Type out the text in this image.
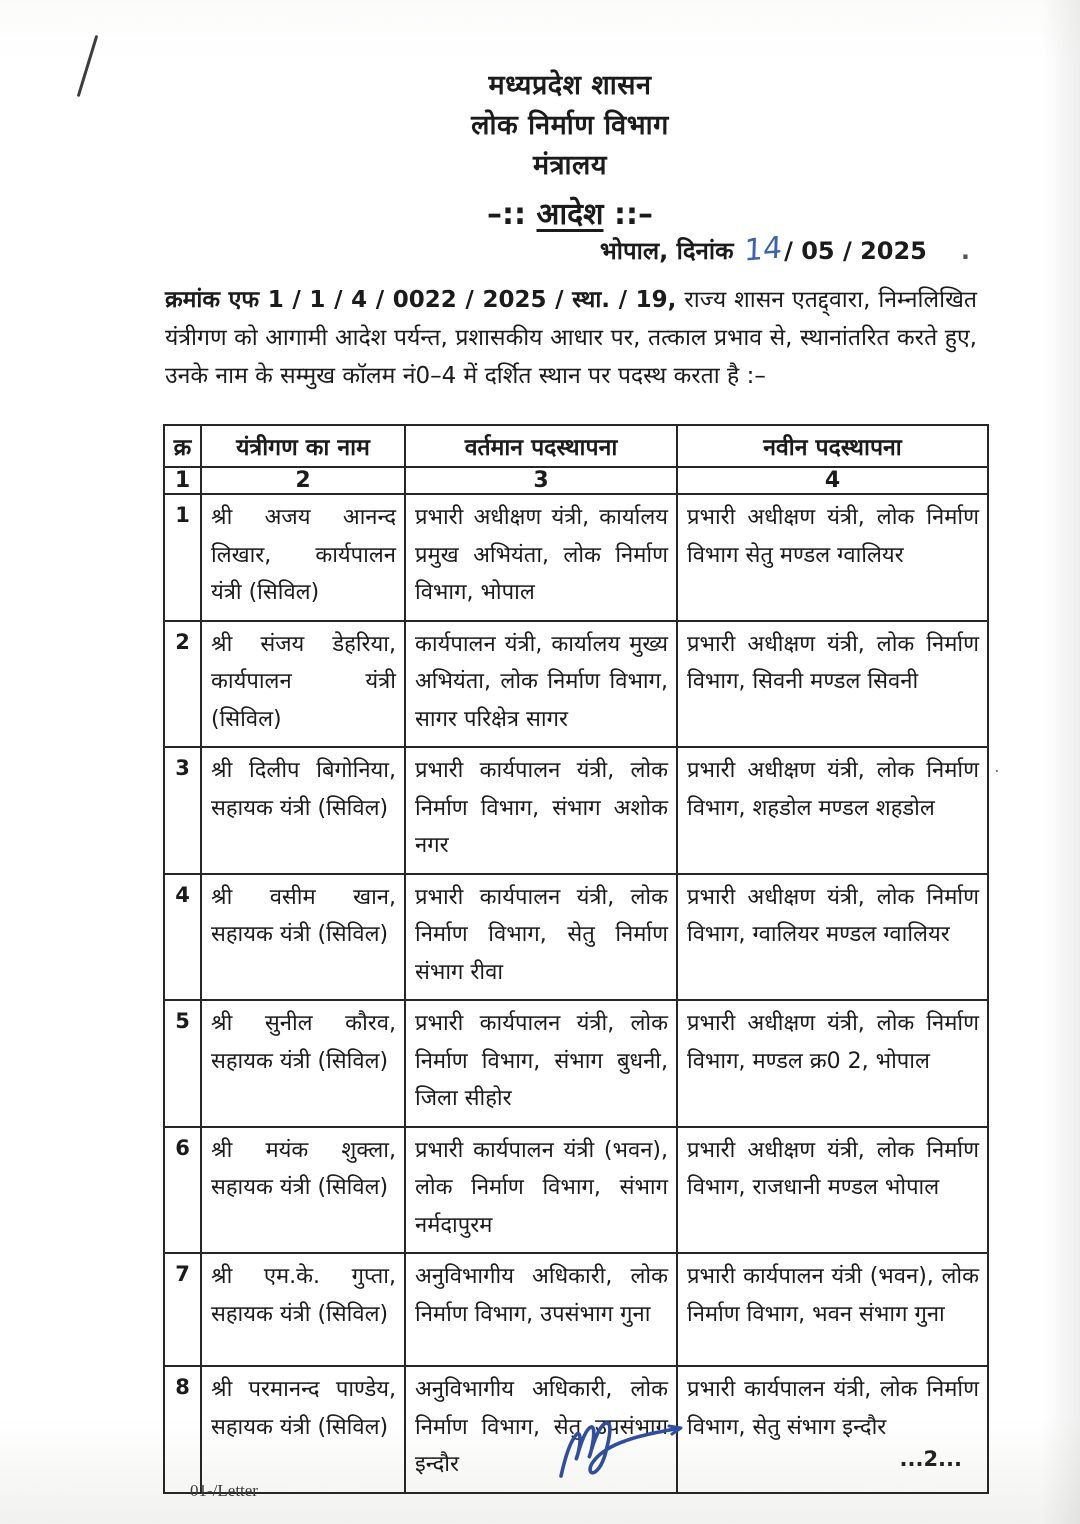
मध्यप्रदेश शासन
लोक निर्माण विभाग
मंत्रालय
–:: आदेश ::–
भोपाल, दिनांक 14/ 05 / 2025 .
क्रमांक एफ 1 / 1 / 4 / 0022 / 2025 / स्था. / 19, राज्य शासन एतद्द्वारा, निम्नलिखित यंत्रीगण को आगामी आदेश पर्यन्त, प्रशासकीय आधार पर, तत्काल प्रभाव से, स्थानांतरित करते हुए, उनके नाम के सम्मुख कॉलम नं0–4 में दर्शित स्थान पर पदस्थ करता है :–
क्र	यंत्रीगण का नाम	वर्तमान पदस्थापना	नवीन पदस्थापना
1	2	3	4
1	श्री अजय आनन्द लिखार, कार्यपालन यंत्री (सिविल)	प्रभारी अधीक्षण यंत्री, कार्यालय प्रमुख अभियंता, लोक निर्माण विभाग, भोपाल	प्रभारी अधीक्षण यंत्री, लोक निर्माण विभाग सेतु मण्डल ग्वालियर
2	श्री संजय डेहरिया, कार्यपालन यंत्री (सिविल)	कार्यपालन यंत्री, कार्यालय मुख्य अभियंता, लोक निर्माण विभाग, सागर परिक्षेत्र सागर	प्रभारी अधीक्षण यंत्री, लोक निर्माण विभाग, सिवनी मण्डल सिवनी
3	श्री दिलीप बिगोनिया, सहायक यंत्री (सिविल)	प्रभारी कार्यपालन यंत्री, लोक निर्माण विभाग, संभाग अशोक नगर	प्रभारी अधीक्षण यंत्री, लोक निर्माण विभाग, शहडोल मण्डल शहडोल
4	श्री वसीम खान, सहायक यंत्री (सिविल)	प्रभारी कार्यपालन यंत्री, लोक निर्माण विभाग, सेतु निर्माण संभाग रीवा	प्रभारी अधीक्षण यंत्री, लोक निर्माण विभाग, ग्वालियर मण्डल ग्वालियर
5	श्री सुनील कौरव, सहायक यंत्री (सिविल)	प्रभारी कार्यपालन यंत्री, लोक निर्माण विभाग, संभाग बुधनी, जिला सीहोर	प्रभारी अधीक्षण यंत्री, लोक निर्माण विभाग, मण्डल क्र0 2, भोपाल
6	श्री मयंक शुक्ला, सहायक यंत्री (सिविल)	प्रभारी कार्यपालन यंत्री (भवन), लोक निर्माण विभाग, संभाग नर्मदापुरम	प्रभारी अधीक्षण यंत्री, लोक निर्माण विभाग, राजधानी मण्डल भोपाल
7	श्री एम.के. गुप्ता, सहायक यंत्री (सिविल)	अनुविभागीय अधिकारी, लोक निर्माण विभाग, उपसंभाग गुना	प्रभारी कार्यपालन यंत्री (भवन), लोक निर्माण विभाग, भवन संभाग गुना
8	श्री परमानन्द पाण्डेय, सहायक यंत्री (सिविल)	अनुविभागीय अधिकारी, लोक निर्माण विभाग, सेतु उपसंभाग इन्दौर	प्रभारी कार्यपालन यंत्री, लोक निर्माण विभाग, सेतु संभाग इन्दौर
...2...
01-/Letter
.
